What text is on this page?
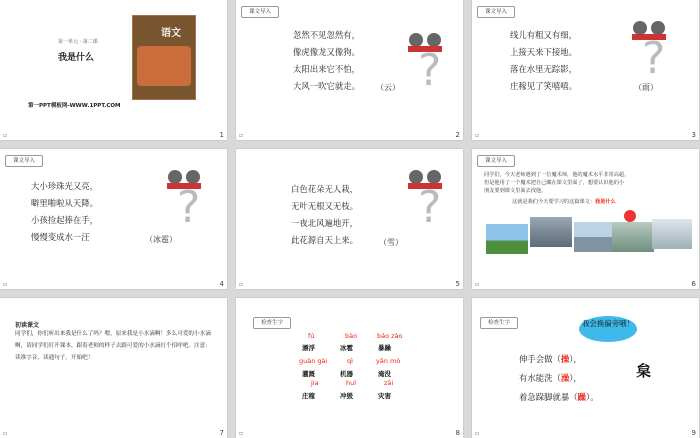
第一单元 · 第二课
我是什么
语文
第一PPT模板网-WWW.1PPT.COM
▫	1
课文导入
忽然不见忽然有，
像虎像龙又像狗。
太阳出来它不怕，
大风一吹它就走。 （云） ?
▫	2
课文导入
线儿有粗又有细，
上接天来下接地。
落在水里无踪影，
庄稼见了笑嘻嘻。	（雨）
?
▫	3
课文导入
大小珍珠光又亮，
噼里啪啦从天降。
小孩捡起捧在手，
慢慢变成水一汪	（冰雹）
?
▫	4
白色花朵无人栽，
无叶无根又无枝。
一夜北风遍地开，
此花源自天上来。	（雪）
?
▫	5
课文导入
同学们，今天老师遇到了一位魔术师，他的魔术水平非常高超，
但是他用了一个魔术把自己藏在课文里面了，想要认识他的小
朋友要到课文里面去找他。
这就是我们今天要学习的这篇课文：我是什么
▫	6
初读课文
同学们，你们听出来我是什么了吗？嗯，原来我是小水滴啊！多么可爱的小水滴啊，请同学们打开课本，跟着老师的样子去跟可爱的小水滴打个招呼吧。注意：读准字音，读通句子。开始吧！
▫	7
检查生字
fú	bào	báo zào
漂浮	冰雹	暴躁
guàn gài	qì	yān mò
灌溉	机器	淹没
jia	huǐ	zāi
庄稼	冲毁	灾害
▫	8
检查生字	我会换偏旁哦！
伸手会做（操），
有水能洗（澡），
着急跺脚就暴（躁）。
枲
▫	9
